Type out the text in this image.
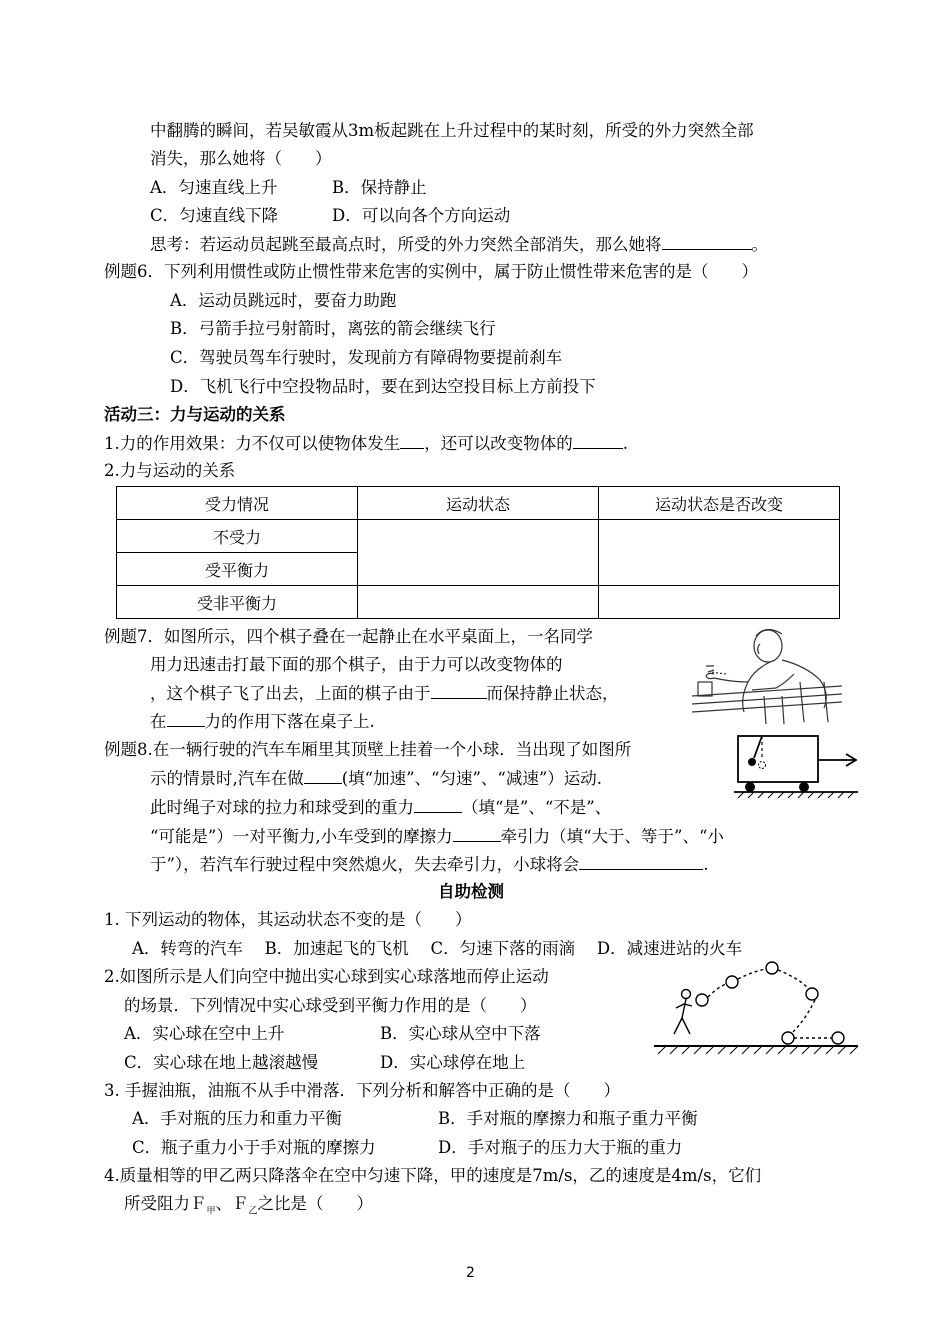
中翻腾的瞬间，若吴敏霞从3m板起跳在上升过程中的某时刻，所受的外力突然全部
消失，那么她将（　　）
A．匀速直线上升	B．保持静止
C．匀速直线下降	D．可以向各个方向运动
思考：若运动员起跳至最高点时，所受的外力突然全部消失，那么她将	。
例题6．下列利用惯性或防止惯性带来危害的实例中，属于防止惯性带来危害的是（　　）
A．运动员跳远时，要奋力助跑
B．弓箭手拉弓射箭时，离弦的箭会继续飞行
C．驾驶员驾车行驶时，发现前方有障碍物要提前刹车
D．飞机飞行中空投物品时，要在到达空投目标上方前投下
活动三：力与运动的关系
1.力的作用效果：力不仅可以使物体发生 ，还可以改变物体的	.
2.力与运动的关系
受力情况	运动状态	运动状态是否改变
不受力		
受平衡力		
受非平衡力		
例题7．如图所示，四个棋子叠在一起静止在水平桌面上，一名同学
用力迅速击打最下面的那个棋子，由于力可以改变物体的
，这个棋子飞了出去，上面的棋子由于	而保持静止状态，
在 力的作用下落在桌子上.
例题8.在一辆行驶的汽车车厢里其顶壁上挂着一个小球．当出现了如图所
示的情景时,汽车在做 (填“加速”、“匀速”、“减速”）运动.
此时绳子对球的拉力和球受到的重力	（填“是”、“不是”、
“可能是”）一对平衡力,小车受到的摩擦力	牵引力（填“大于、等于”、“小
于”），若汽车行驶过程中突然熄火，失去牵引力，小球将会	.
自助检测
1. 下列运动的物体，其运动状态不变的是（　　）
A．转弯的汽车　 B．加速起飞的飞机　 C．匀速下落的雨滴　 D．减速进站的火车
2.如图所示是人们向空中抛出实心球到实心球落地而停止运动
的场景．下列情况中实心球受到平衡力作用的是（　　）
A．实心球在空中上升	B．实心球从空中下落
C．实心球在地上越滚越慢	D．实心球停在地上
3. 手握油瓶，油瓶不从手中滑落．下列分析和解答中正确的是（　　）
A．手对瓶的压力和重力平衡	B．手对瓶的摩擦力和瓶子重力平衡
C．瓶子重力小于手对瓶的摩擦力	D．手对瓶子的压力大于瓶的重力
4.质量相等的甲乙两只降落伞在空中匀速下降，甲的速度是7m/s，乙的速度是4m/s，它们
所受阻力Ｆ$_甲$、Ｆ$_乙$之比是（　　）
2
